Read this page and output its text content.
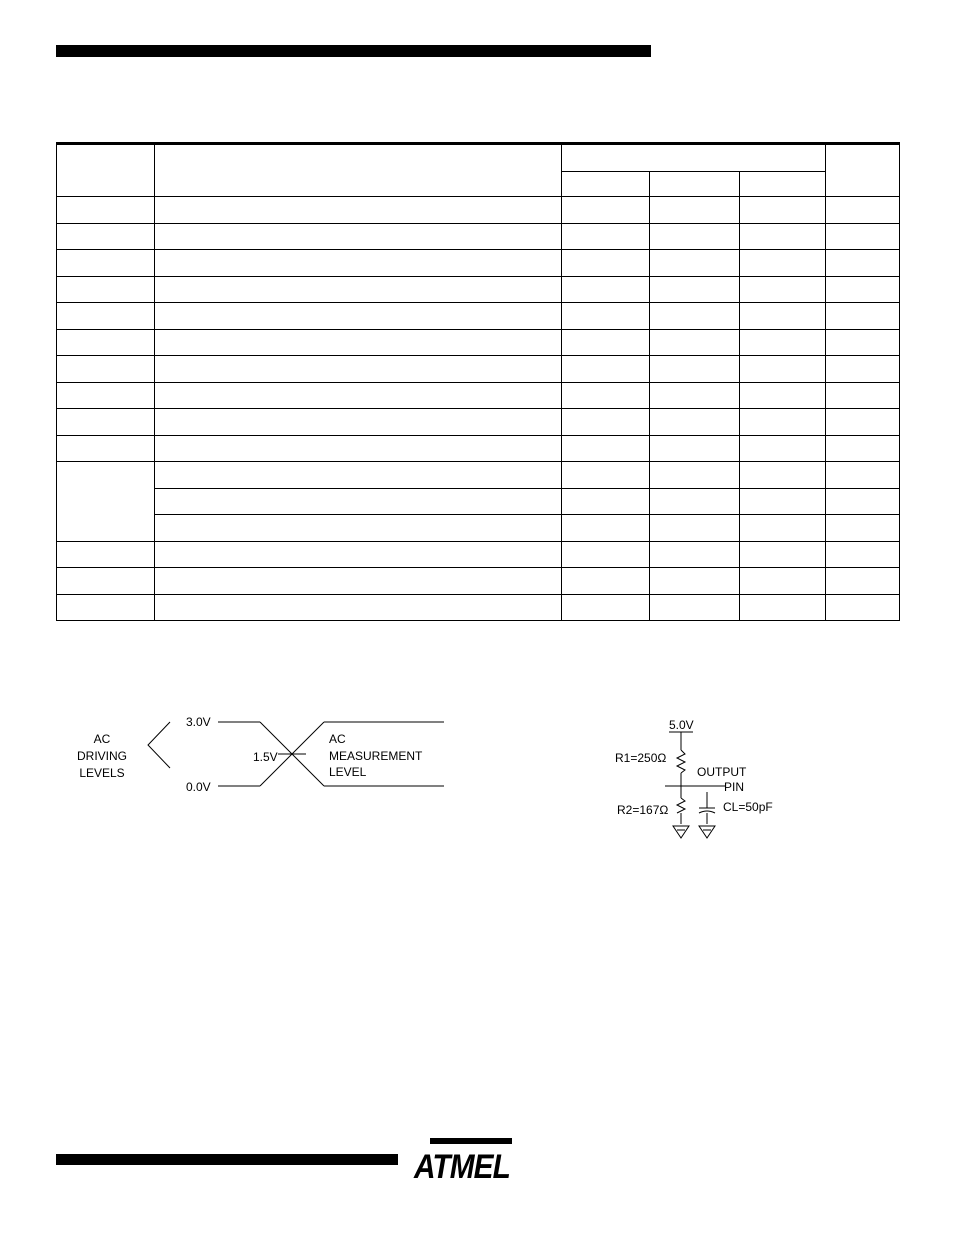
AC
DRIVING
LEVELS
3.0V
0.0V
1.5V
AC
MEASUREMENT
LEVEL
5.0V
R1=250Ω
OUTPUT
PIN
R2=167Ω	CL=50pF
ATMEL
